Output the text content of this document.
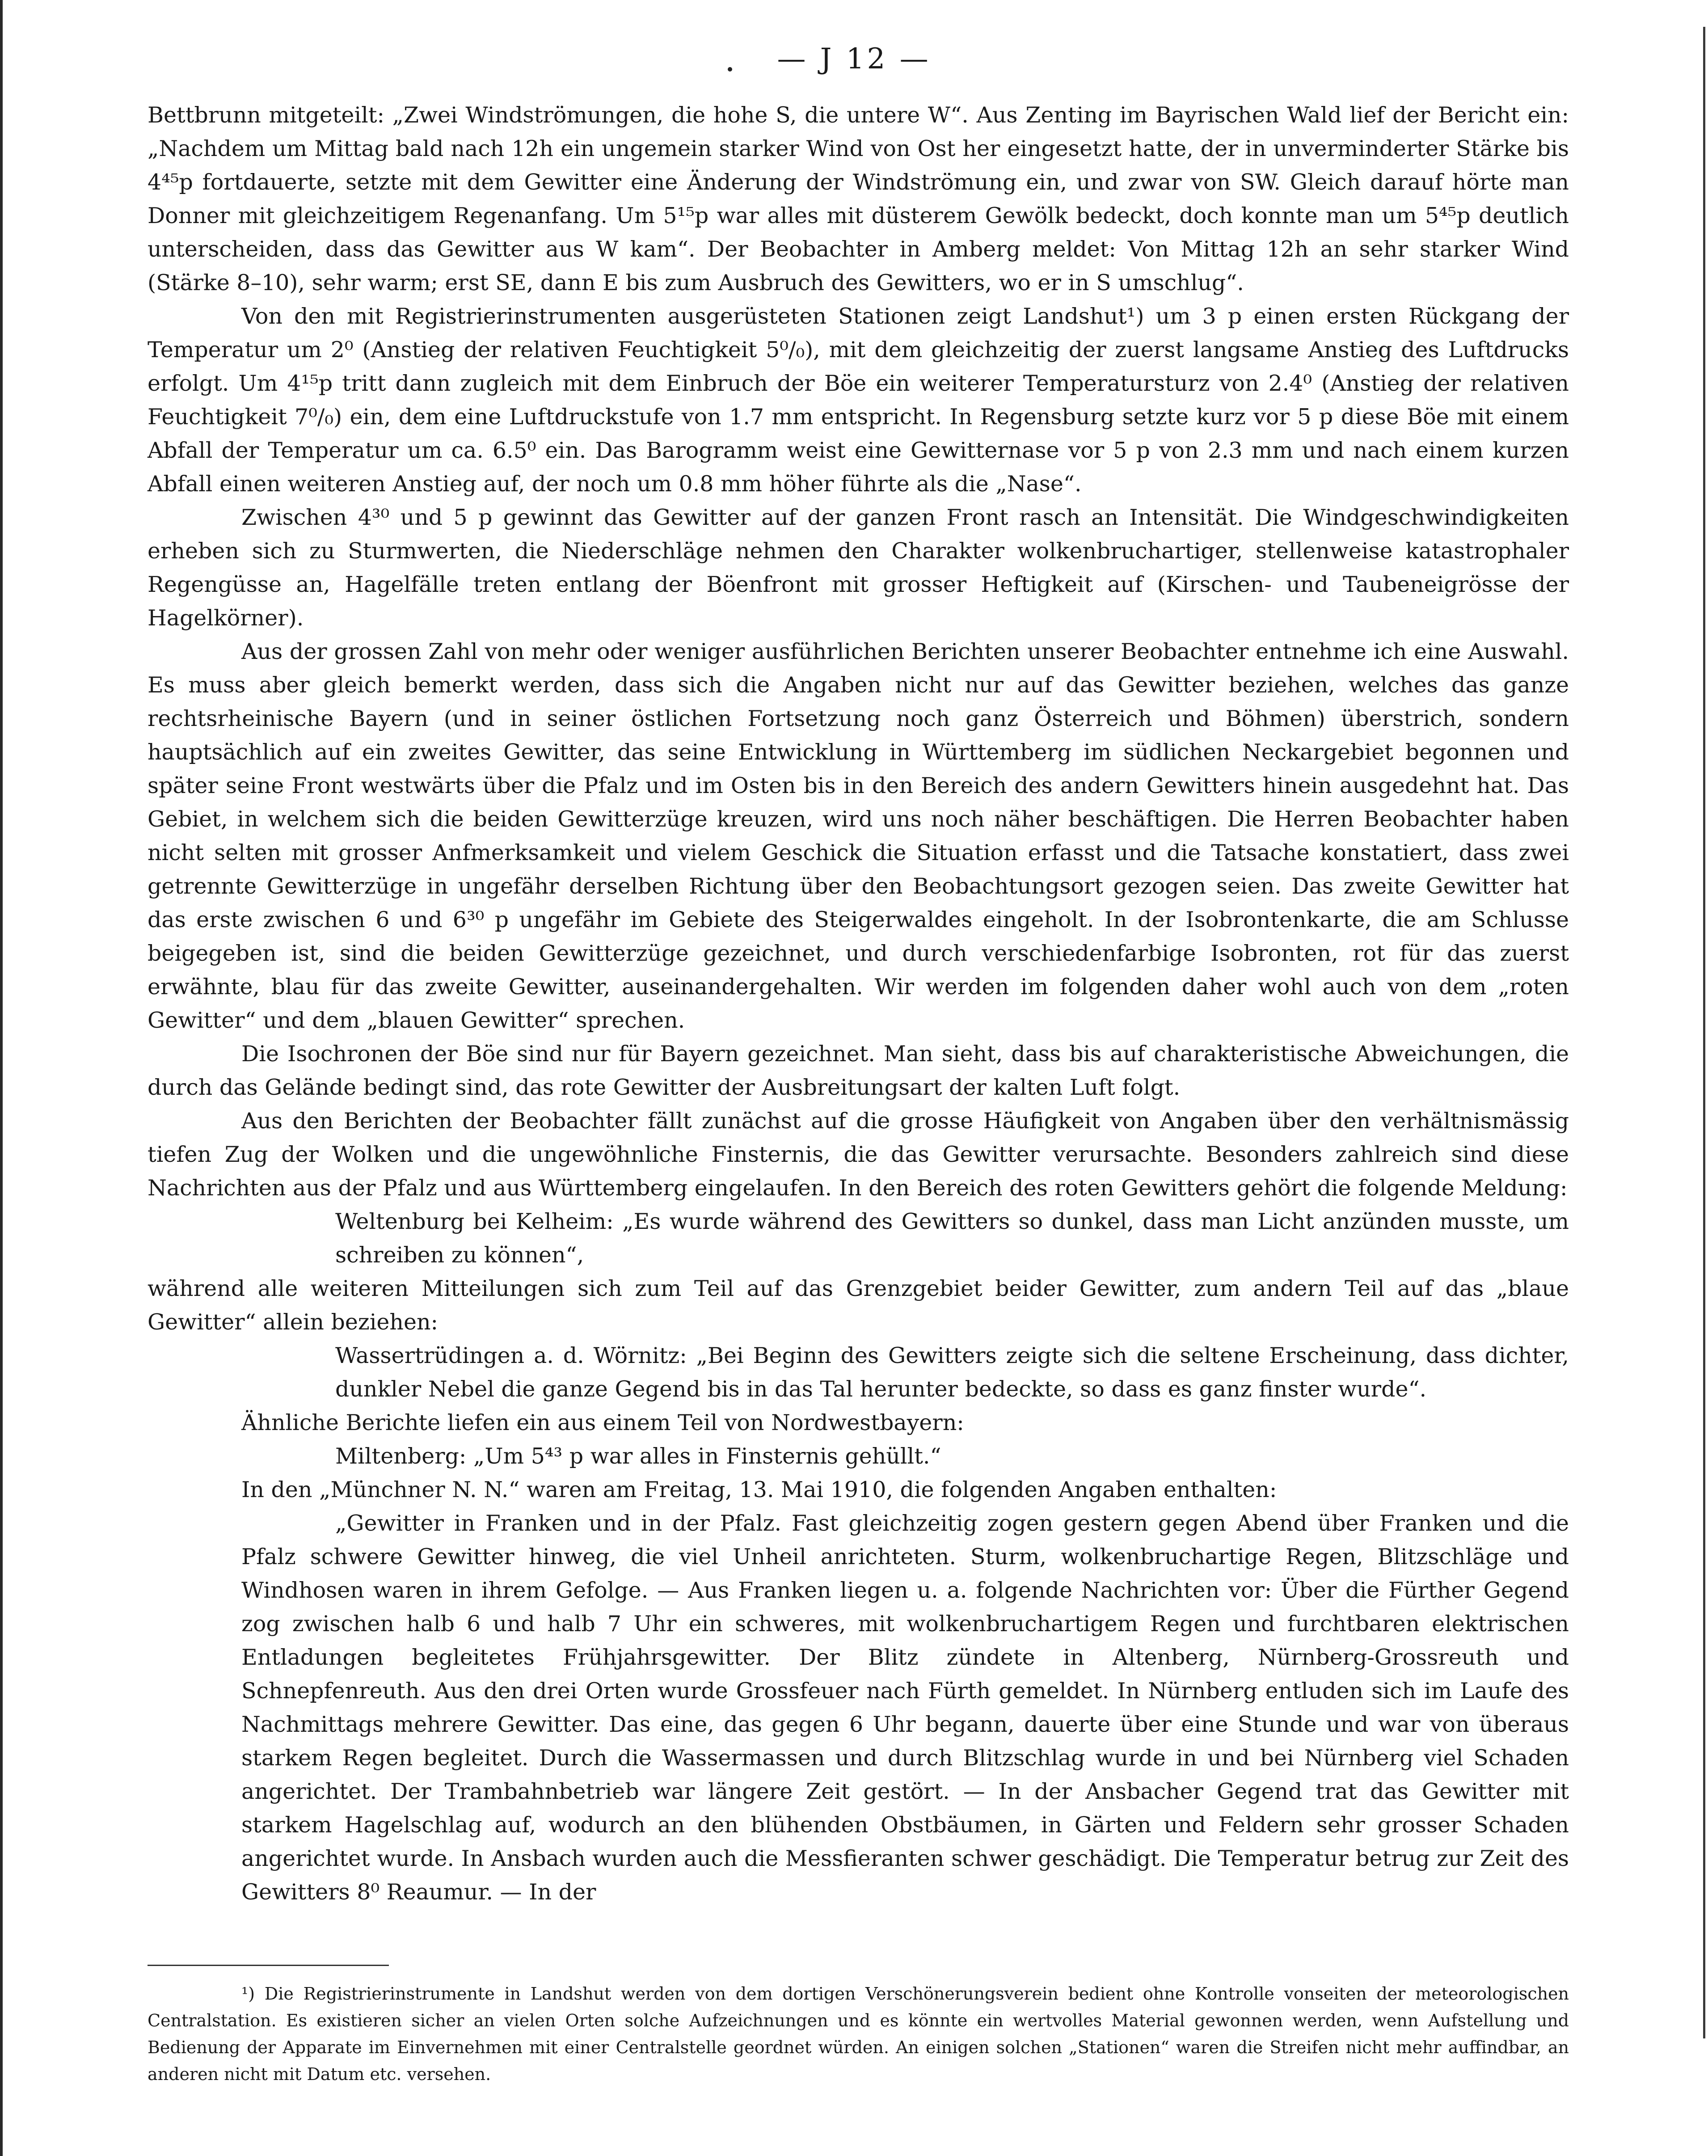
— J 12 —

Bettbrunn mitgeteilt: „Zwei Windströmungen, die hohe S, die untere W“. Aus Zenting im Bayrischen Wald lief der Bericht ein: „Nachdem um Mittag bald nach 12h ein ungemein starker Wind von Ost her eingesetzt hatte, der in unverminderter Stärke bis 4⁴⁵p fortdauerte, setzte mit dem Gewitter eine Änderung der Windströmung ein, und zwar von SW. Gleich darauf hörte man Donner mit gleichzeitigem Regenanfang. Um 5¹⁵p war alles mit düsterem Gewölk bedeckt, doch konnte man um 5⁴⁵p deutlich unterscheiden, dass das Gewitter aus W kam“. Der Beobachter in Amberg meldet: Von Mittag 12h an sehr starker Wind (Stärke 8–10), sehr warm; erst SE, dann E bis zum Ausbruch des Gewitters, wo er in S umschlug“.

Von den mit Registrierinstrumenten ausgerüsteten Stationen zeigt Landshut¹) um 3 p einen ersten Rückgang der Temperatur um 2⁰ (Anstieg der relativen Feuchtigkeit 5⁰/₀), mit dem gleichzeitig der zuerst langsame Anstieg des Luftdrucks erfolgt. Um 4¹⁵p tritt dann zugleich mit dem Einbruch der Böe ein weiterer Temperatursturz von 2.4⁰ (Anstieg der relativen Feuchtigkeit 7⁰/₀) ein, dem eine Luftdruckstufe von 1.7 mm entspricht. In Regensburg setzte kurz vor 5 p diese Böe mit einem Abfall der Temperatur um ca. 6.5⁰ ein. Das Barogramm weist eine Gewitternase vor 5 p von 2.3 mm und nach einem kurzen Abfall einen weiteren Anstieg auf, der noch um 0.8 mm höher führte als die „Nase“.

Zwischen 4³⁰ und 5 p gewinnt das Gewitter auf der ganzen Front rasch an Intensität. Die Windgeschwindigkeiten erheben sich zu Sturmwerten, die Niederschläge nehmen den Charakter wolkenbruchartiger, stellenweise katastrophaler Regengüsse an, Hagelfälle treten entlang der Böenfront mit grosser Heftigkeit auf (Kirschen- und Taubeneigrösse der Hagelkörner).

Aus der grossen Zahl von mehr oder weniger ausführlichen Berichten unserer Beobachter entnehme ich eine Auswahl. Es muss aber gleich bemerkt werden, dass sich die Angaben nicht nur auf das Gewitter beziehen, welches das ganze rechtsrheinische Bayern (und in seiner östlichen Fortsetzung noch ganz Österreich und Böhmen) überstrich, sondern hauptsächlich auf ein zweites Gewitter, das seine Entwicklung in Württemberg im südlichen Neckargebiet begonnen und später seine Front westwärts über die Pfalz und im Osten bis in den Bereich des andern Gewitters hinein ausgedehnt hat. Das Gebiet, in welchem sich die beiden Gewitterzüge kreuzen, wird uns noch näher beschäftigen. Die Herren Beobachter haben nicht selten mit grosser Anfmerksamkeit und vielem Geschick die Situation erfasst und die Tatsache konstatiert, dass zwei getrennte Gewitterzüge in ungefähr derselben Richtung über den Beobachtungsort gezogen seien. Das zweite Gewitter hat das erste zwischen 6 und 6³⁰ p ungefähr im Gebiete des Steigerwaldes eingeholt. In der Isobrontenkarte, die am Schlusse beigegeben ist, sind die beiden Gewitterzüge gezeichnet, und durch verschiedenfarbige Isobronten, rot für das zuerst erwähnte, blau für das zweite Gewitter, auseinandergehalten. Wir werden im folgenden daher wohl auch von dem „roten Gewitter“ und dem „blauen Gewitter“ sprechen.

Die Isochronen der Böe sind nur für Bayern gezeichnet. Man sieht, dass bis auf charakteristische Abweichungen, die durch das Gelände bedingt sind, das rote Gewitter der Ausbreitungsart der kalten Luft folgt.

Aus den Berichten der Beobachter fällt zunächst auf die grosse Häufigkeit von Angaben über den verhältnismässig tiefen Zug der Wolken und die ungewöhnliche Finsternis, die das Gewitter verursachte. Besonders zahlreich sind diese Nachrichten aus der Pfalz und aus Württemberg eingelaufen. In den Bereich des roten Gewitters gehört die folgende Meldung:

Weltenburg bei Kelheim: „Es wurde während des Gewitters so dunkel, dass man Licht anzünden musste, um schreiben zu können“,

während alle weiteren Mitteilungen sich zum Teil auf das Grenzgebiet beider Gewitter, zum andern Teil auf das „blaue Gewitter“ allein beziehen:

Wassertrüdingen a. d. Wörnitz: „Bei Beginn des Gewitters zeigte sich die seltene Erscheinung, dass dichter, dunkler Nebel die ganze Gegend bis in das Tal herunter bedeckte, so dass es ganz finster wurde“.

Ähnliche Berichte liefen ein aus einem Teil von Nordwestbayern:

Miltenberg: „Um 5⁴³ p war alles in Finsternis gehüllt.“

In den „Münchner N. N.“ waren am Freitag, 13. Mai 1910, die folgenden Angaben enthalten:

„Gewitter in Franken und in der Pfalz. Fast gleichzeitig zogen gestern gegen Abend über Franken und die Pfalz schwere Gewitter hinweg, die viel Unheil anrichteten. Sturm, wolkenbruchartige Regen, Blitzschläge und Windhosen waren in ihrem Gefolge. — Aus Franken liegen u. a. folgende Nachrichten vor: Über die Fürther Gegend zog zwischen halb 6 und halb 7 Uhr ein schweres, mit wolkenbruchartigem Regen und furchtbaren elektrischen Entladungen begleitetes Frühjahrsgewitter. Der Blitz zündete in Altenberg, Nürnberg-Grossreuth und Schnepfenreuth. Aus den drei Orten wurde Grossfeuer nach Fürth gemeldet. In Nürnberg entluden sich im Laufe des Nachmittags mehrere Gewitter. Das eine, das gegen 6 Uhr begann, dauerte über eine Stunde und war von überaus starkem Regen begleitet. Durch die Wassermassen und durch Blitzschlag wurde in und bei Nürnberg viel Schaden angerichtet. Der Trambahnbetrieb war längere Zeit gestört. — In der Ansbacher Gegend trat das Gewitter mit starkem Hagelschlag auf, wodurch an den blühenden Obstbäumen, in Gärten und Feldern sehr grosser Schaden angerichtet wurde. In Ansbach wurden auch die Messfieranten schwer geschädigt. Die Temperatur betrug zur Zeit des Gewitters 8⁰ Reaumur. — In der

¹) Die Registrierinstrumente in Landshut werden von dem dortigen Verschönerungsverein bedient ohne Kontrolle vonseiten der meteorologischen Centralstation. Es existieren sicher an vielen Orten solche Aufzeichnungen und es könnte ein wertvolles Material gewonnen werden, wenn Aufstellung und Bedienung der Apparate im Einvernehmen mit einer Centralstelle geordnet würden. An einigen solchen „Stationen“ waren die Streifen nicht mehr auffindbar, an anderen nicht mit Datum etc. versehen.
